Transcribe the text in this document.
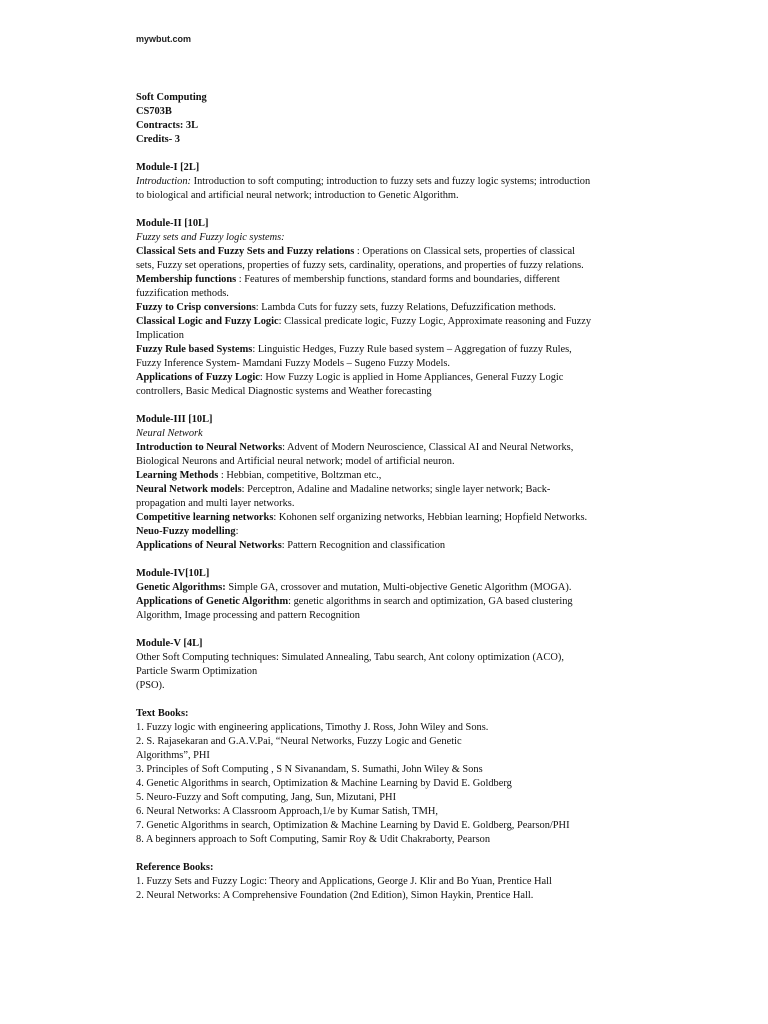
mywbut.com
Soft Computing
CS703B
Contracts: 3L
Credits- 3
Module-I [2L]
Introduction: Introduction to soft computing; introduction to fuzzy sets and fuzzy logic systems; introduction
to biological and artificial neural network; introduction to Genetic Algorithm.
Module-II [10L]
Fuzzy sets and Fuzzy logic systems:
Classical Sets and Fuzzy Sets and Fuzzy relations : Operations on Classical sets, properties of classical
sets, Fuzzy set operations, properties of fuzzy sets, cardinality, operations, and properties of fuzzy relations.
Membership functions : Features of membership functions, standard forms and boundaries, different
fuzzification methods.
Fuzzy to Crisp conversions: Lambda Cuts for fuzzy sets, fuzzy Relations, Defuzzification methods.
Classical Logic and Fuzzy Logic: Classical predicate logic, Fuzzy Logic, Approximate reasoning and Fuzzy
Implication
Fuzzy Rule based Systems: Linguistic Hedges, Fuzzy Rule based system – Aggregation of fuzzy Rules,
Fuzzy Inference System- Mamdani Fuzzy Models – Sugeno Fuzzy Models.
Applications of Fuzzy Logic: How Fuzzy Logic is applied in Home Appliances, General Fuzzy Logic
controllers, Basic Medical Diagnostic systems and Weather forecasting
Module-III [10L]
Neural Network
Introduction to Neural Networks: Advent of Modern Neuroscience, Classical AI and Neural Networks,
Biological Neurons and Artificial neural network; model of artificial neuron.
Learning Methods : Hebbian, competitive, Boltzman etc.,
Neural Network models: Perceptron, Adaline and Madaline networks; single layer network; Back-
propagation and multi layer networks.
Competitive learning networks: Kohonen self organizing networks, Hebbian learning; Hopfield Networks.
Neuo-Fuzzy modelling:
Applications of Neural Networks: Pattern Recognition and classification
Module-IV[10L]
Genetic Algorithms: Simple GA, crossover and mutation, Multi-objective Genetic Algorithm (MOGA).
Applications of Genetic Algorithm: genetic algorithms in search and optimization, GA based clustering
Algorithm, Image processing and pattern Recognition
Module-V [4L]
Other Soft Computing techniques: Simulated Annealing, Tabu search, Ant colony optimization (ACO),
Particle Swarm Optimization
(PSO).
Text Books:
1. Fuzzy logic with engineering applications, Timothy J. Ross, John Wiley and Sons.
2. S. Rajasekaran and G.A.V.Pai, “Neural Networks, Fuzzy Logic and Genetic
Algorithms”, PHI
3. Principles of Soft Computing , S N Sivanandam, S. Sumathi, John Wiley & Sons
4. Genetic Algorithms in search, Optimization & Machine Learning by David E. Goldberg
5. Neuro-Fuzzy and Soft computing, Jang, Sun, Mizutani, PHI
6. Neural Networks: A Classroom Approach,1/e by Kumar Satish, TMH,
7. Genetic Algorithms in search, Optimization & Machine Learning by David E. Goldberg, Pearson/PHI
8. A beginners approach to Soft Computing, Samir Roy & Udit Chakraborty, Pearson
Reference Books:
1. Fuzzy Sets and Fuzzy Logic: Theory and Applications, George J. Klir and Bo Yuan, Prentice Hall
2. Neural Networks: A Comprehensive Foundation (2nd Edition), Simon Haykin, Prentice Hall.
